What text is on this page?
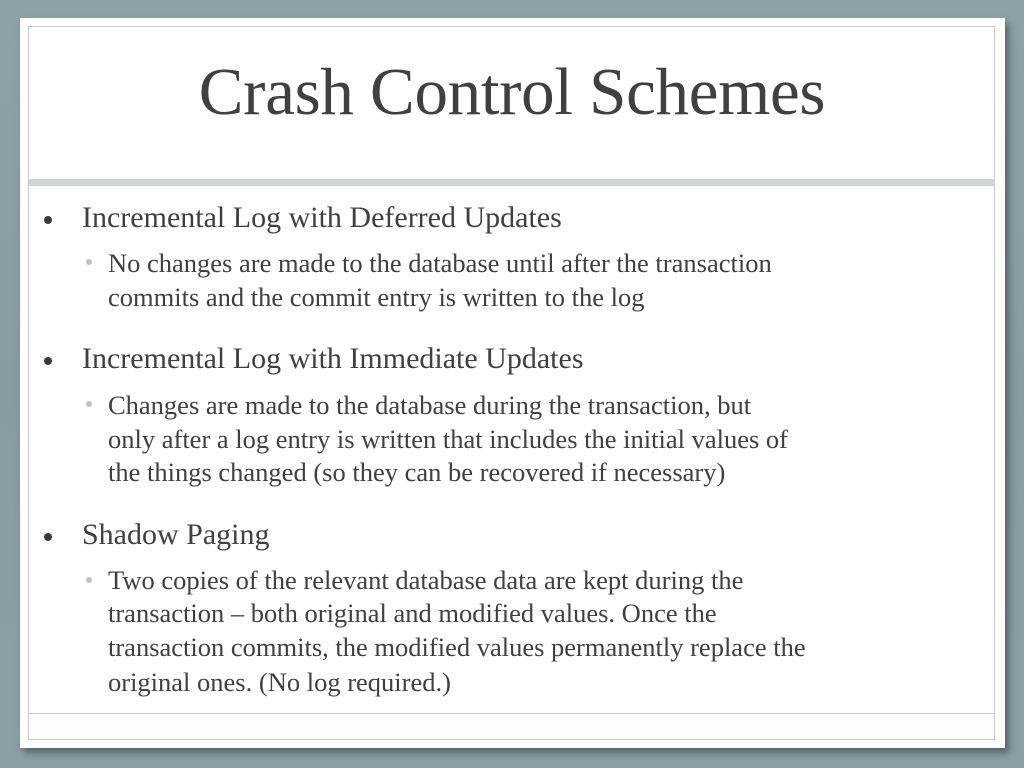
Crash Control Schemes
Incremental Log with Deferred Updates
No changes are made to the database until after the transaction
commits and the commit entry is written to the log
Incremental Log with Immediate Updates
Changes are made to the database during the transaction, but
only after a log entry is written that includes the initial values of
the things changed (so they can be recovered if necessary)
Shadow Paging
Two copies of the relevant database data are kept during the
transaction – both original and modified values. Once the
transaction commits, the modified values permanently replace the
original ones. (No log required.)
